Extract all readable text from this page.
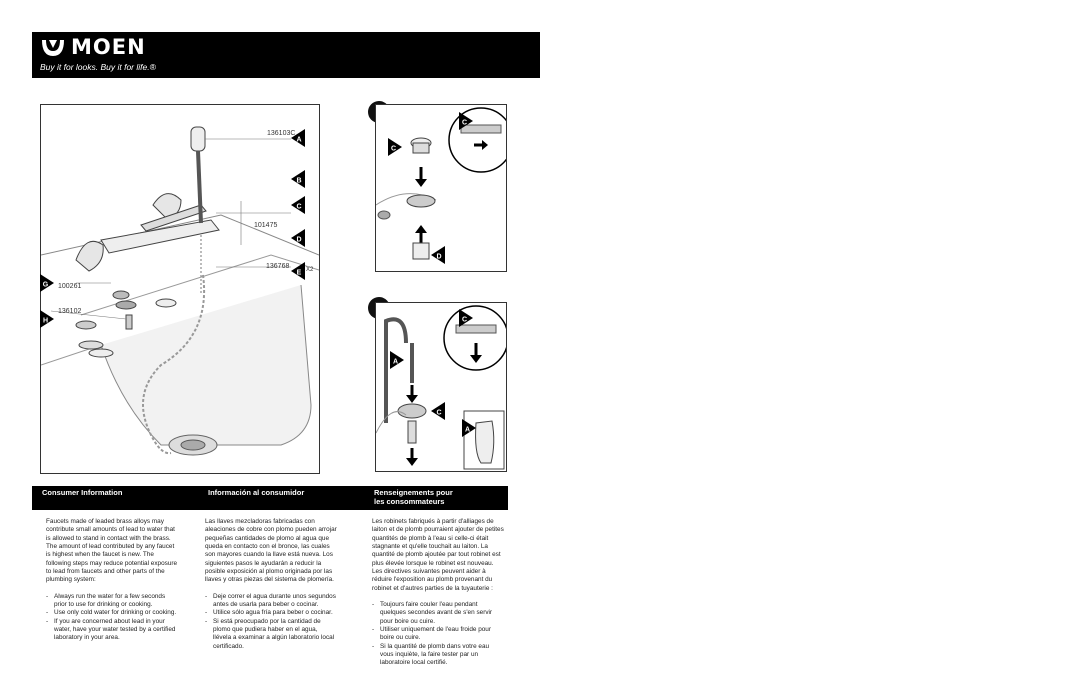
MOEN
Buy it for looks. Buy it for life.®
136103C
101475
136768	X2
100261
136102
A
B
C
D
E
G
H
C
C
D
C
A
C
A
Consumer Information	Información al consumidor	Renseignements pour
les consommateurs

Faucets made of leaded brass alloys may contribute small amounts of lead to water that is allowed to stand in contact with the brass. The amount of lead contributed by any faucet is highest when the faucet is new. The following steps may reduce potential exposure to lead from faucets and other parts of the plumbing system:

- Always run the water for a few seconds prior to use for drinking or cooking.
- Use only cold water for drinking or cooking.
- If you are concerned about lead in your water, have your water tested by a certified laboratory in your area.

Las llaves mezcladoras fabricadas con aleaciones de cobre con plomo pueden arrojar pequeñas cantidades de plomo al agua que queda en contacto con el bronce, las cuales son mayores cuando la llave está nueva. Los siguientes pasos le ayudarán a reducir la posible exposición al plomo originada por las llaves y otras piezas del sistema de plomería.

- Deje correr el agua durante unos segundos antes de usarla para beber o cocinar.
- Utilice sólo agua fría para beber o cocinar.
- Si está preocupado por la cantidad de plomo que pudiera haber en el agua, llévela a examinar a algún laboratorio local certificado.

Les robinets fabriqués à partir d'alliages de laiton et de plomb pourraient ajouter de petites quantités de plomb à l'eau si celle-ci était stagnante et qu'elle touchait au laiton. La quantité de plomb ajoutée par tout robinet est plus élevée lorsque le robinet est nouveau. Les directives suivantes peuvent aider à réduire l'exposition au plomb provenant du robinet et d'autres parties de la tuyauterie :

- Toujours faire couler l'eau pendant quelques secondes avant de s'en servir pour boire ou cuire.
- Utiliser uniquement de l'eau froide pour boire ou cuire.
- Si la quantité de plomb dans votre eau vous inquiète, la faire tester par un laboratoire local certifié.
